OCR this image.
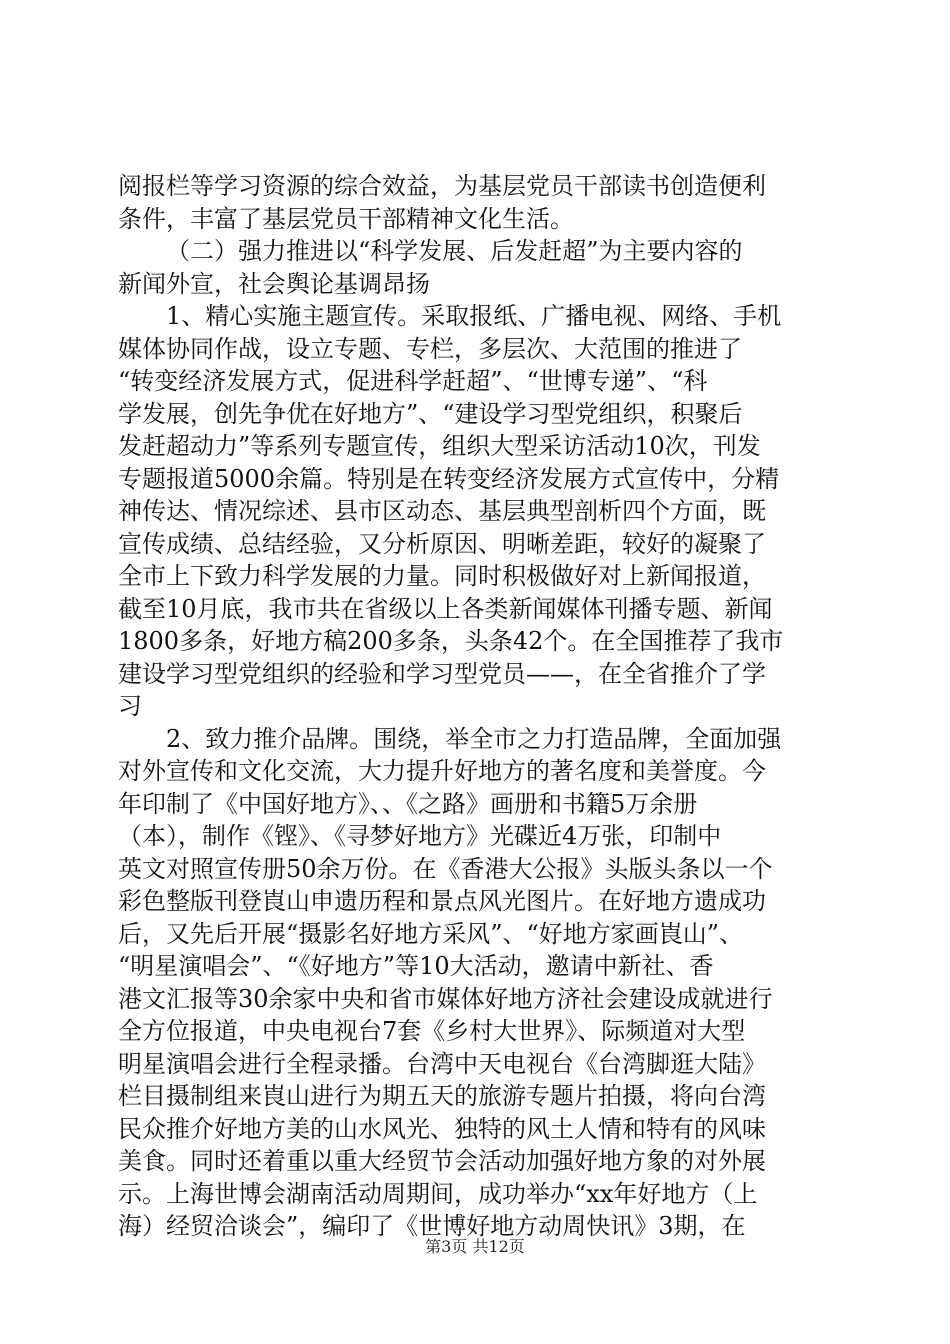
阅报栏等学习资源的综合效益，为基层党员干部读书创造便利
条件，丰富了基层党员干部精神文化生活。
（二）强力推进以“科学发展、后发赶超”为主要内容的
新闻外宣，社会舆论基调昂扬
1、精心实施主题宣传。采取报纸、广播电视、网络、手机
媒体协同作战，设立专题、专栏，多层次、大范围的推进了
“转变经济发展方式，促进科学赶超”、“世博专递”、“科
学发展，创先争优在好地方”、“建设学习型党组织，积聚后
发赶超动力”等系列专题宣传，组织大型采访活动10次，刊发
专题报道5000余篇。特别是在转变经济发展方式宣传中，分精
神传达、情况综述、县市区动态、基层典型剖析四个方面，既
宣传成绩、总结经验，又分析原因、明晰差距，较好的凝聚了
全市上下致力科学发展的力量。同时积极做好对上新闻报道，
截至10月底，我市共在省级以上各类新闻媒体刊播专题、新闻
1800多条，好地方稿200多条，头条42个。在全国推荐了我市
建设学习型党组织的经验和学习型党员——，在全省推介了学
习
2、致力推介品牌。围绕，举全市之力打造品牌，全面加强
对外宣传和文化交流，大力提升好地方的著名度和美誉度。今
年印制了《中国好地方》、、《之路》画册和书籍5万余册
（本），制作《铿》、《寻梦好地方》光碟近4万张，印制中
英文对照宣传册50余万份。在《香港大公报》头版头条以一个
彩色整版刊登崀山申遗历程和景点风光图片。在好地方遗成功
后，又先后开展“摄影名好地方采风”、“好地方家画崀山”、
“明星演唱会”、“《好地方”等10大活动，邀请中新社、香
港文汇报等30余家中央和省市媒体好地方济社会建设成就进行
全方位报道，中央电视台7套《乡村大世界》、际频道对大型
明星演唱会进行全程录播。台湾中天电视台《台湾脚逛大陆》
栏目摄制组来崀山进行为期五天的旅游专题片拍摄，将向台湾
民众推介好地方美的山水风光、独特的风土人情和特有的风味
美食。同时还着重以重大经贸节会活动加强好地方象的对外展
示。上海世博会湖南活动周期间，成功举办“xx年好地方（上
海）经贸洽谈会”，编印了《世博好地方动周快讯》3期，在
第3页 共12页
